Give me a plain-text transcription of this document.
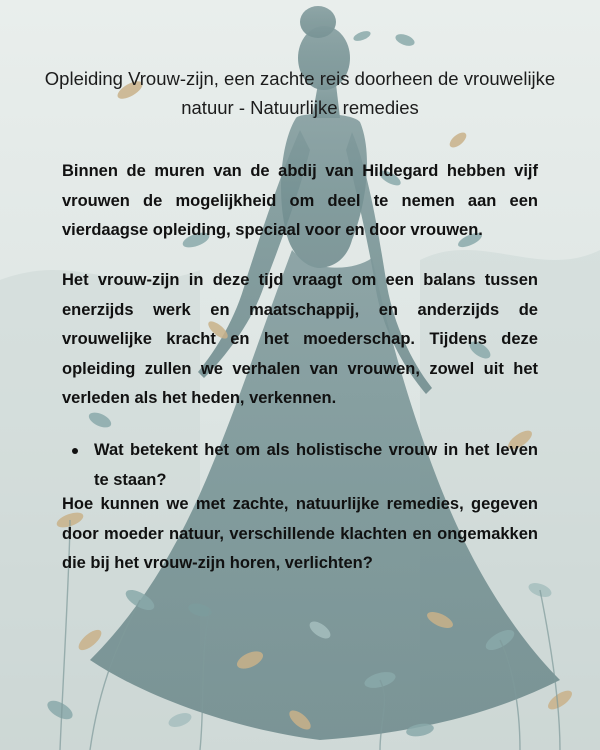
Opleiding Vrouw-zijn, een zachte reis doorheen de vrouwelijke natuur - Natuurlijke remedies

Binnen de muren van de abdij van Hildegard hebben vijf vrouwen de mogelijkheid om deel te nemen aan een vierdaagse opleiding, speciaal voor en door vrouwen.

Het vrouw-zijn in deze tijd vraagt om een balans tussen enerzijds werk en maatschappij, en anderzijds de vrouwelijke kracht en het moederschap. Tijdens deze opleiding zullen we verhalen van vrouwen, zowel uit het verleden als het heden, verkennen.

Wat betekent het om als holistische vrouw in het leven te staan?

Hoe kunnen we met zachte, natuurlijke remedies, gegeven door moeder natuur, verschillende klachten en ongemakken die bij het vrouw-zijn horen, verlichten?
